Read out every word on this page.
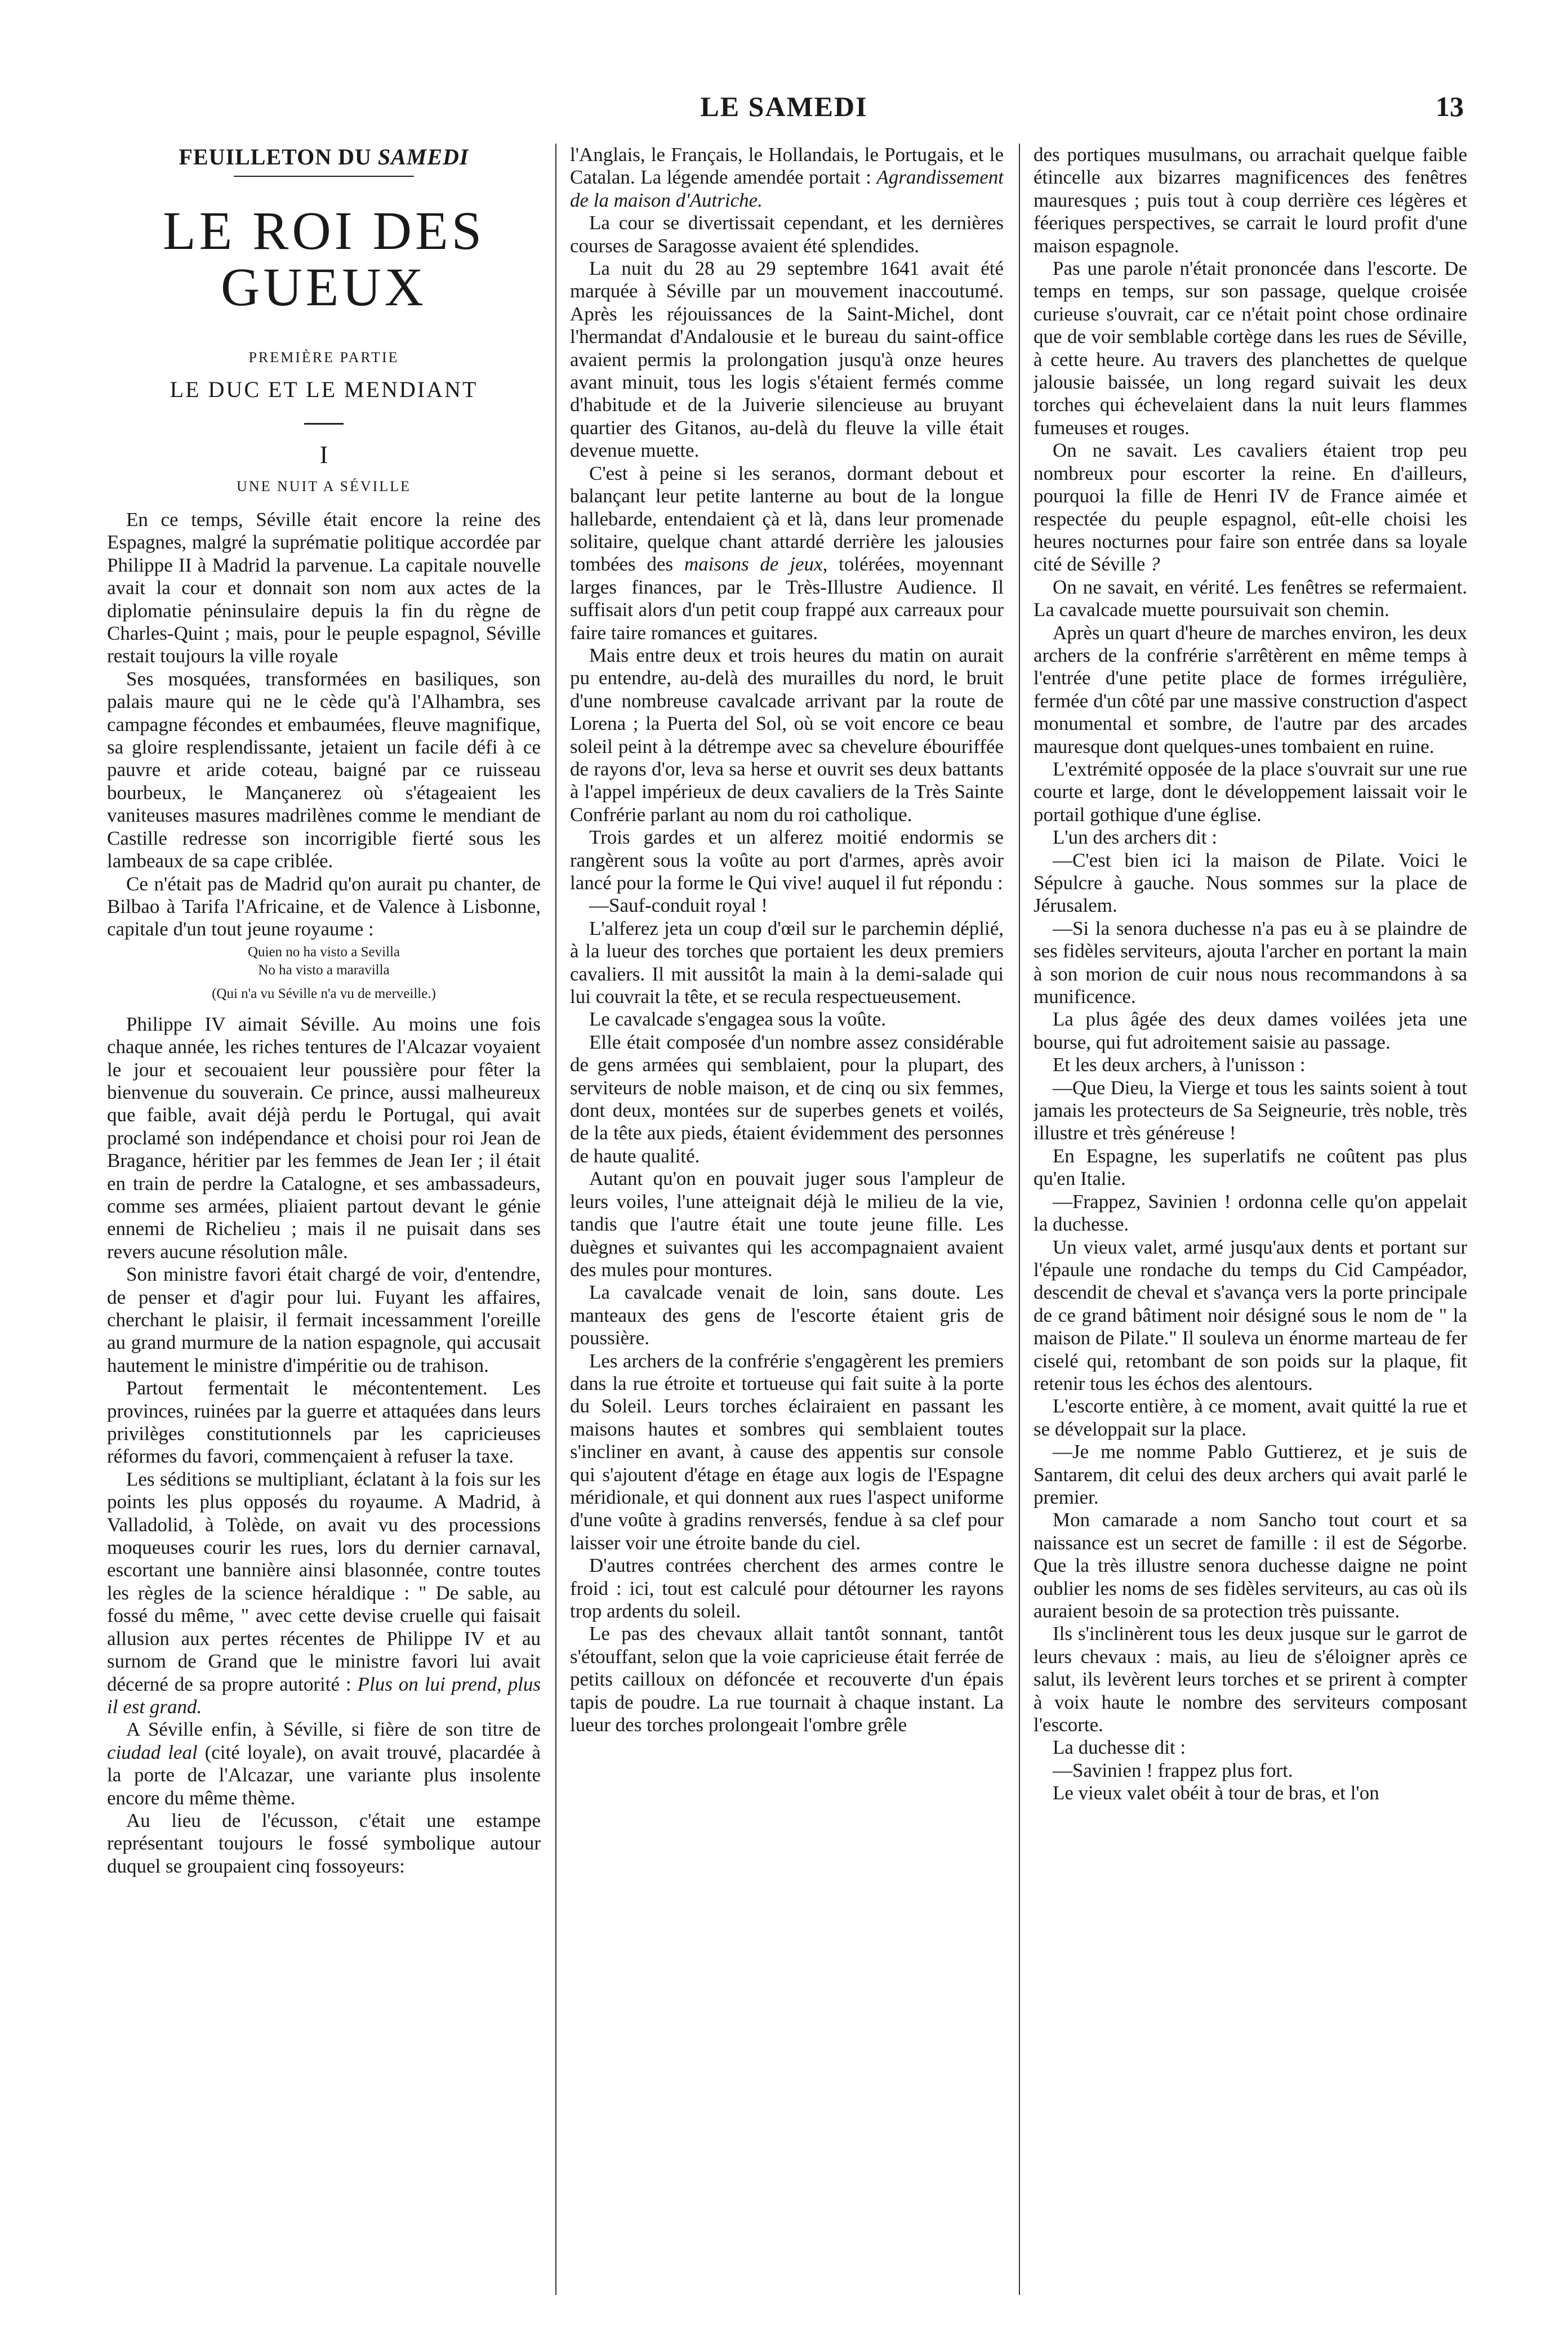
LE SAMEDI	13
FEUILLETON DU SAMEDI
LE ROI DES GUEUX
PREMIÈRE PARTIE
LE DUC ET LE MENDIANT
I
UNE NUIT A SÉVILLE

En ce temps, Séville était encore la reine des Espagnes, malgré la suprématie politique accordée par Philippe II à Madrid la parvenue. La capitale nouvelle avait la cour et donnait son nom aux actes de la diplomatie péninsulaire depuis la fin du règne de Charles-Quint ; mais, pour le peuple espagnol, Séville restait toujours la ville royale

Ses mosquées, transformées en basiliques, son palais maure qui ne le cède qu'à l'Alhambra, ses campagne fécondes et embaumées, fleuve magnifique, sa gloire resplendissante, jetaient un facile défi à ce pauvre et aride coteau, baigné par ce ruisseau bourbeux, le Mançanerez où s'étageaient les vaniteuses masures madrilènes comme le mendiant de Castille redresse son incorrigible fierté sous les lambeaux de sa cape criblée.

Ce n'était pas de Madrid qu'on aurait pu chanter, de Bilbao à Tarifa l'Africaine, et de Valence à Lisbonne, capitale d'un tout jeune royaume :

Quien no ha visto a Sevilla
No ha visto a maravilla
(Qui n'a vu Séville n'a vu de merveille.)

Philippe IV aimait Séville. Au moins une fois chaque année, les riches tentures de l'Alcazar voyaient le jour et secouaient leur poussière pour fêter la bienvenue du souverain. Ce prince, aussi malheureux que faible, avait déjà perdu le Portugal, qui avait proclamé son indépendance et choisi pour roi Jean de Bragance, héritier par les femmes de Jean Ier ; il était en train de perdre la Catalogne, et ses ambassadeurs, comme ses armées, pliaient partout devant le génie ennemi de Richelieu ; mais il ne puisait dans ses revers aucune résolution mâle.

Son ministre favori était chargé de voir, d'entendre, de penser et d'agir pour lui. Fuyant les affaires, cherchant le plaisir, il fermait incessamment l'oreille au grand murmure de la nation espagnole, qui accusait hautement le ministre d'impéritie ou de trahison.

Partout fermentait le mécontentement. Les provinces, ruinées par la guerre et attaquées dans leurs privilèges constitutionnels par les capricieuses réformes du favori, commençaient à refuser la taxe.

Les séditions se multipliant, éclatant à la fois sur les points les plus opposés du royaume. A Madrid, à Valladolid, à Tolède, on avait vu des processions moqueuses courir les rues, lors du dernier carnaval, escortant une bannière ainsi blasonnée, contre toutes les règles de la science héraldique : " De sable, au fossé du même, " avec cette devise cruelle qui faisait allusion aux pertes récentes de Philippe IV et au surnom de Grand que le ministre favori lui avait décerné de sa propre autorité : Plus on lui prend, plus il est grand.

A Séville enfin, à Séville, si fière de son titre de ciudad leal (cité loyale), on avait trouvé, placardée à la porte de l'Alcazar, une variante plus insolente encore du même thème.

Au lieu de l'écusson, c'était une estampe représentant toujours le fossé symbolique autour duquel se groupaient cinq fossoyeurs:

l'Anglais, le Français, le Hollandais, le Portugais, et le Catalan. La légende amendée portait : Agrandissement de la maison d'Autriche.

La cour se divertissait cependant, et les dernières courses de Saragosse avaient été splendides.

La nuit du 28 au 29 septembre 1641 avait été marquée à Séville par un mouvement inaccoutumé. Après les réjouissances de la Saint-Michel, dont l'hermandat d'Andalousie et le bureau du saint-office avaient permis la prolongation jusqu'à onze heures avant minuit, tous les logis s'étaient fermés comme d'habitude et de la Juiverie silencieuse au bruyant quartier des Gitanos, au-delà du fleuve la ville était devenue muette.

C'est à peine si les seranos, dormant debout et balançant leur petite lanterne au bout de la longue hallebarde, entendaient çà et là, dans leur promenade solitaire, quelque chant attardé derrière les jalousies tombées des maisons de jeux, tolérées, moyennant larges finances, par le Très-Illustre Audience. Il suffisait alors d'un petit coup frappé aux carreaux pour faire taire romances et guitares.

Mais entre deux et trois heures du matin on aurait pu entendre, au-delà des murailles du nord, le bruit d'une nombreuse cavalcade arrivant par la route de Lorena ; la Puerta del Sol, où se voit encore ce beau soleil peint à la détrempe avec sa chevelure ébouriffée de rayons d'or, leva sa herse et ouvrit ses deux battants à l'appel impérieux de deux cavaliers de la Très Sainte Confrérie parlant au nom du roi catholique.

Trois gardes et un alferez moitié endormis se rangèrent sous la voûte au port d'armes, après avoir lancé pour la forme le Qui vive! auquel il fut répondu :

—Sauf-conduit royal !

L'alferez jeta un coup d'œil sur le parchemin déplié, à la lueur des torches que portaient les deux premiers cavaliers. Il mit aussitôt la main à la demi-salade qui lui couvrait la tête, et se recula respectueusement.

Le cavalcade s'engagea sous la voûte.

Elle était composée d'un nombre assez considérable de gens armées qui semblaient, pour la plupart, des serviteurs de noble maison, et de cinq ou six femmes, dont deux, montées sur de superbes genets et voilés, de la tête aux pieds, étaient évidemment des personnes de haute qualité.

Autant qu'on en pouvait juger sous l'ampleur de leurs voiles, l'une atteignait déjà le milieu de la vie, tandis que l'autre était une toute jeune fille. Les duègnes et suivantes qui les accompagnaient avaient des mules pour montures.

La cavalcade venait de loin, sans doute. Les manteaux des gens de l'escorte étaient gris de poussière.

Les archers de la confrérie s'engagèrent les premiers dans la rue étroite et tortueuse qui fait suite à la porte du Soleil. Leurs torches éclairaient en passant les maisons hautes et sombres qui semblaient toutes s'incliner en avant, à cause des appentis sur console qui s'ajoutent d'étage en étage aux logis de l'Espagne méridionale, et qui donnent aux rues l'aspect uniforme d'une voûte à gradins renversés, fendue à sa clef pour laisser voir une étroite bande du ciel.

D'autres contrées cherchent des armes contre le froid : ici, tout est calculé pour détourner les rayons trop ardents du soleil.

Le pas des chevaux allait tantôt sonnant, tantôt s'étouffant, selon que la voie capricieuse était ferrée de petits cailloux on défoncée et recouverte d'un épais tapis de poudre. La rue tournait à chaque instant. La lueur des torches prolongeait l'ombre grêle

des portiques musulmans, ou arrachait quelque faible étincelle aux bizarres magnificences des fenêtres mauresques ; puis tout à coup derrière ces légères et féeriques perspectives, se carrait le lourd profit d'une maison espagnole.

Pas une parole n'était prononcée dans l'escorte. De temps en temps, sur son passage, quelque croisée curieuse s'ouvrait, car ce n'était point chose ordinaire que de voir semblable cortège dans les rues de Séville, à cette heure. Au travers des planchettes de quelque jalousie baissée, un long regard suivait les deux torches qui échevelaient dans la nuit leurs flammes fumeuses et rouges.

On ne savait. Les cavaliers étaient trop peu nombreux pour escorter la reine. En d'ailleurs, pourquoi la fille de Henri IV de France aimée et respectée du peuple espagnol, eût-elle choisi les heures nocturnes pour faire son entrée dans sa loyale cité de Séville ?

On ne savait, en vérité. Les fenêtres se refermaient. La cavalcade muette poursuivait son chemin.

Après un quart d'heure de marches environ, les deux archers de la confrérie s'arrêtèrent en même temps à l'entrée d'une petite place de formes irrégulière, fermée d'un côté par une massive construction d'aspect monumental et sombre, de l'autre par des arcades mauresque dont quelques-unes tombaient en ruine.

L'extrémité opposée de la place s'ouvrait sur une rue courte et large, dont le développement laissait voir le portail gothique d'une église.

L'un des archers dit :

—C'est bien ici la maison de Pilate. Voici le Sépulcre à gauche. Nous sommes sur la place de Jérusalem.

—Si la senora duchesse n'a pas eu à se plaindre de ses fidèles serviteurs, ajouta l'archer en portant la main à son morion de cuir nous nous recommandons à sa munificence.

La plus âgée des deux dames voilées jeta une bourse, qui fut adroitement saisie au passage.

Et les deux archers, à l'unisson :

—Que Dieu, la Vierge et tous les saints soient à tout jamais les protecteurs de Sa Seigneurie, très noble, très illustre et très généreuse !

En Espagne, les superlatifs ne coûtent pas plus qu'en Italie.

—Frappez, Savinien ! ordonna celle qu'on appelait la duchesse.

Un vieux valet, armé jusqu'aux dents et portant sur l'épaule une rondache du temps du Cid Campéador, descendit de cheval et s'avança vers la porte principale de ce grand bâtiment noir désigné sous le nom de " la maison de Pilate." Il souleva un énorme marteau de fer ciselé qui, retombant de son poids sur la plaque, fit retenir tous les échos des alentours.

L'escorte entière, à ce moment, avait quitté la rue et se développait sur la place.

—Je me nomme Pablo Guttierez, et je suis de Santarem, dit celui des deux archers qui avait parlé le premier.

Mon camarade a nom Sancho tout court et sa naissance est un secret de famille : il est de Ségorbe. Que la très illustre senora duchesse daigne ne point oublier les noms de ses fidèles serviteurs, au cas où ils auraient besoin de sa protection très puissante.

Ils s'inclinèrent tous les deux jusque sur le garrot de leurs chevaux : mais, au lieu de s'éloigner après ce salut, ils levèrent leurs torches et se prirent à compter à voix haute le nombre des serviteurs composant l'escorte.

La duchesse dit :

—Savinien ! frappez plus fort.

Le vieux valet obéit à tour de bras, et l'on
